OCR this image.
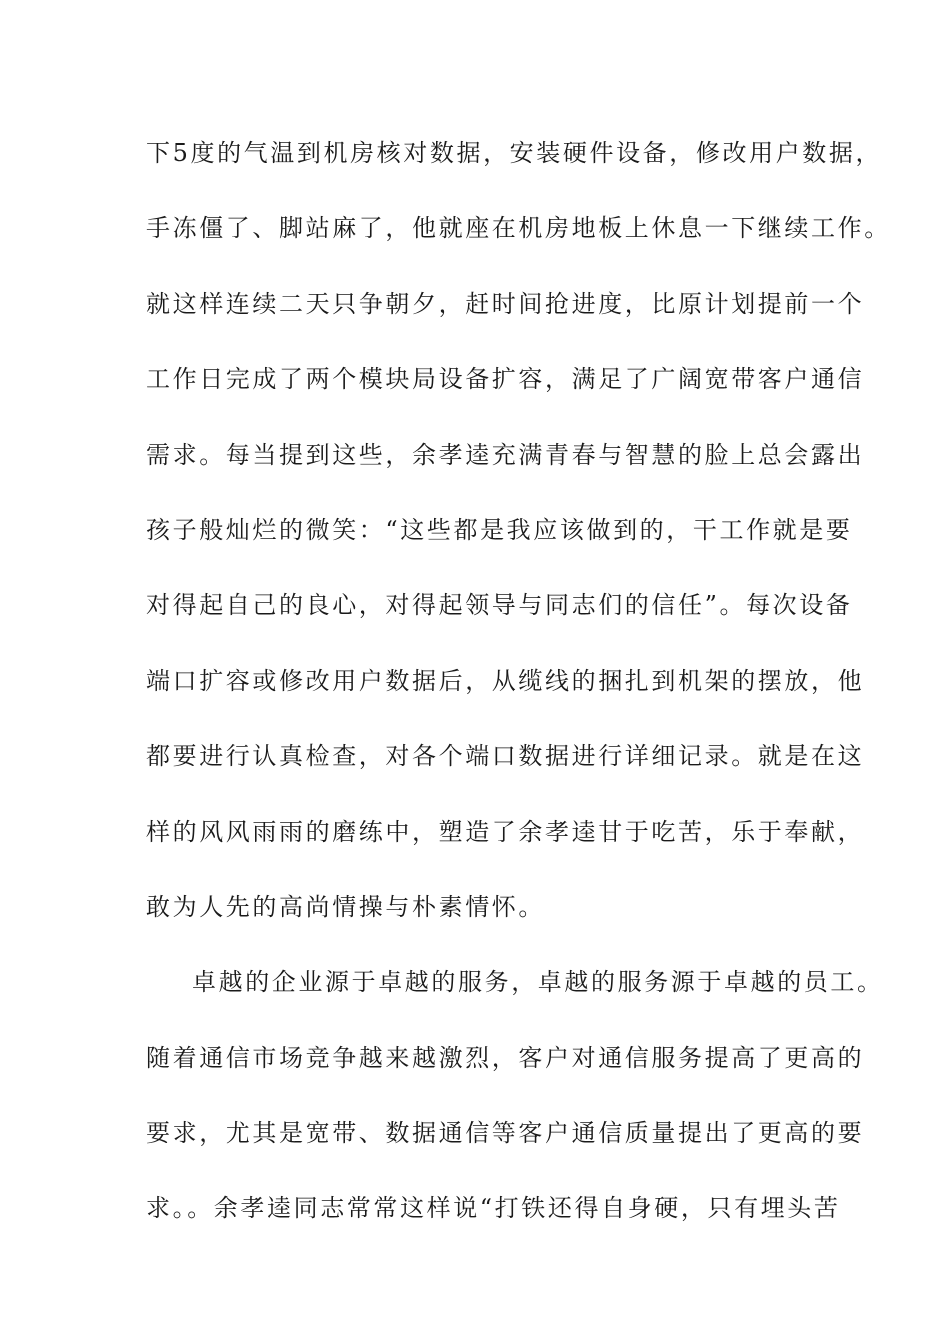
下5度的气温到机房核对数据，安装硬件设备，修改用户数据，
手冻僵了、脚站麻了，他就座在机房地板上休息一下继续工作。
就这样连续二天只争朝夕，赶时间抢进度，比原计划提前一个
工作日完成了两个模块局设备扩容，满足了广阔宽带客户通信
需求。每当提到这些，余孝逵充满青春与智慧的脸上总会露出
孩子般灿烂的微笑：“这些都是我应该做到的，干工作就是要
对得起自己的良心，对得起领导与同志们的信任”。每次设备
端口扩容或修改用户数据后，从缆线的捆扎到机架的摆放，他
都要进行认真检查，对各个端口数据进行详细记录。就是在这
样的风风雨雨的磨练中，塑造了余孝逵甘于吃苦，乐于奉献，
敢为人先的高尚情操与朴素情怀。
卓越的企业源于卓越的服务，卓越的服务源于卓越的员工。
随着通信市场竞争越来越激烈，客户对通信服务提高了更高的
要求，尤其是宽带、数据通信等客户通信质量提出了更高的要
求。。余孝逵同志常常这样说“打铁还得自身硬，只有埋头苦
